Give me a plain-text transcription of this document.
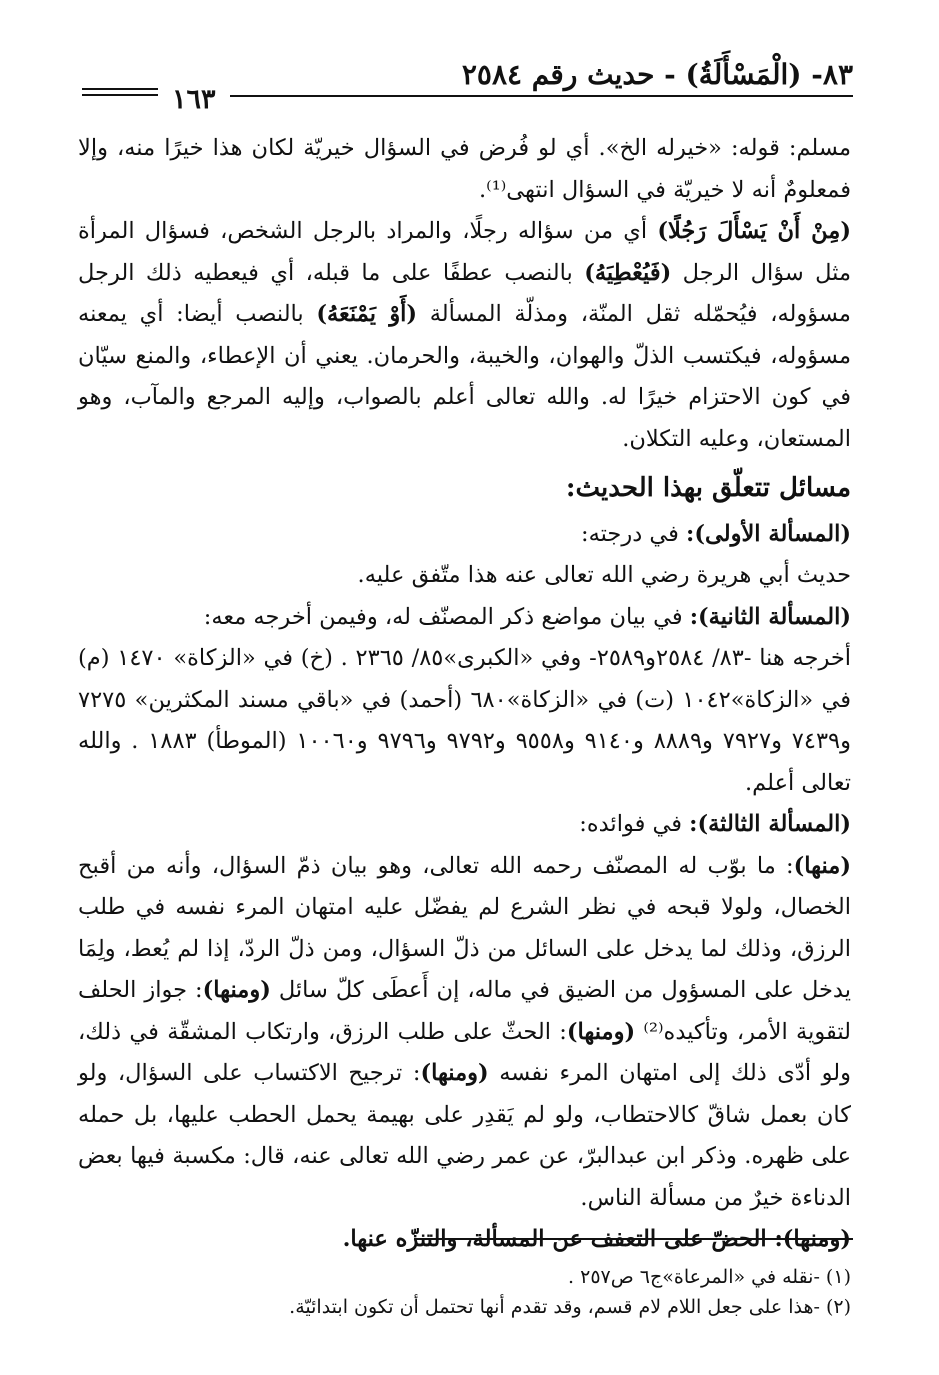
٨٣- (الْمَسْأَلَةُ) - حديث رقم ٢٥٨٤
١٦٣

مسلم: قوله: «خيرله الخ». أي لو فُرض في السؤال خيريّة لكان هذا خيرًا منه، وإلا فمعلومٌ أنه لا خيريّة في السؤال انتهى⁽¹⁾.

(مِنْ أَنْ يَسْأَلَ رَجُلًا) أي من سؤاله رجلًا، والمراد بالرجل الشخص، فسؤال المرأة مثل سؤال الرجل (فَيُعْطِيَهُ) بالنصب عطفًا على ما قبله، أي فيعطيه ذلك الرجل مسؤوله، فيُحمّله ثقل المنّة، ومذلّة المسألة (أَوْ يَمْنَعَهُ) بالنصب أيضا: أي يمعنه مسؤوله، فيكتسب الذلّ والهوان، والخيبة، والحرمان. يعني أن الإعطاء، والمنع سيّان في كون الاحتزام خيرًا له. والله تعالى أعلم بالصواب، وإليه المرجع والمآب، وهو المستعان، وعليه التكلان.

مسائل تتعلّق بهذا الحديث:

(المسألة الأولى): في درجته:

حديث أبي هريرة رضي الله تعالى عنه هذا متّفق عليه.

(المسألة الثانية): في بيان مواضع ذكر المصنّف له، وفيمن أخرجه معه:

أخرجه هنا -٨٣/ ٢٥٨٤و٢٥٨٩- وفي «الكبرى»٨٥/ ٢٣٦٥ . (خ) في «الزكاة» ١٤٧٠ (م) في «الزكاة»١٠٤٢ (ت) في «الزكاة»٦٨٠ (أحمد) في «باقي مسند المكثرين» ٧٢٧٥ و٧٤٣٩ و٧٩٢٧ و٨٨٨٩ و٩١٤٠ و٩٥٥٨ و٩٧٩٢ و٩٧٩٦ و١٠٠٦٠ (الموطأ) ١٨٨٣ . والله تعالى أعلم.

(المسألة الثالثة): في فوائده:

(منها): ما بوّب له المصنّف رحمه الله تعالى، وهو بيان ذمّ السؤال، وأنه من أقبح الخصال، ولولا قبحه في نظر الشرع لم يفضّل عليه امتهان المرء نفسه في طلب الرزق، وذلك لما يدخل على السائل من ذلّ السؤال، ومن ذلّ الردّ، إذا لم يُعط، ولِمَا يدخل على المسؤول من الضيق في ماله، إن أَعطَى كلّ سائل (ومنها): جواز الحلف لتقوية الأمر، وتأكيده⁽²⁾ (ومنها): الحثّ على طلب الرزق، وارتكاب المشقّة في ذلك، ولو أدّى ذلك إلى امتهان المرء نفسه (ومنها): ترجيح الاكتساب على السؤال، ولو كان بعمل شاقّ كالاحتطاب، ولو لم يَقدِر على بهيمة يحمل الحطب عليها، بل حمله على ظهره. وذكر ابن عبدالبرّ، عن عمر رضي الله تعالى عنه، قال: مكسبة فيها بعض الدناءة خيرٌ من مسألة الناس.

(ومنها): الحضّ على التعفف عن المسألة، والتنزّه عنها.

(١) -نقله في «المرعاة»ج٦ ص٢٥٧ .
(٢) -هذا على جعل اللام لام قسم، وقد تقدم أنها تحتمل أن تكون ابتدائيّة.
